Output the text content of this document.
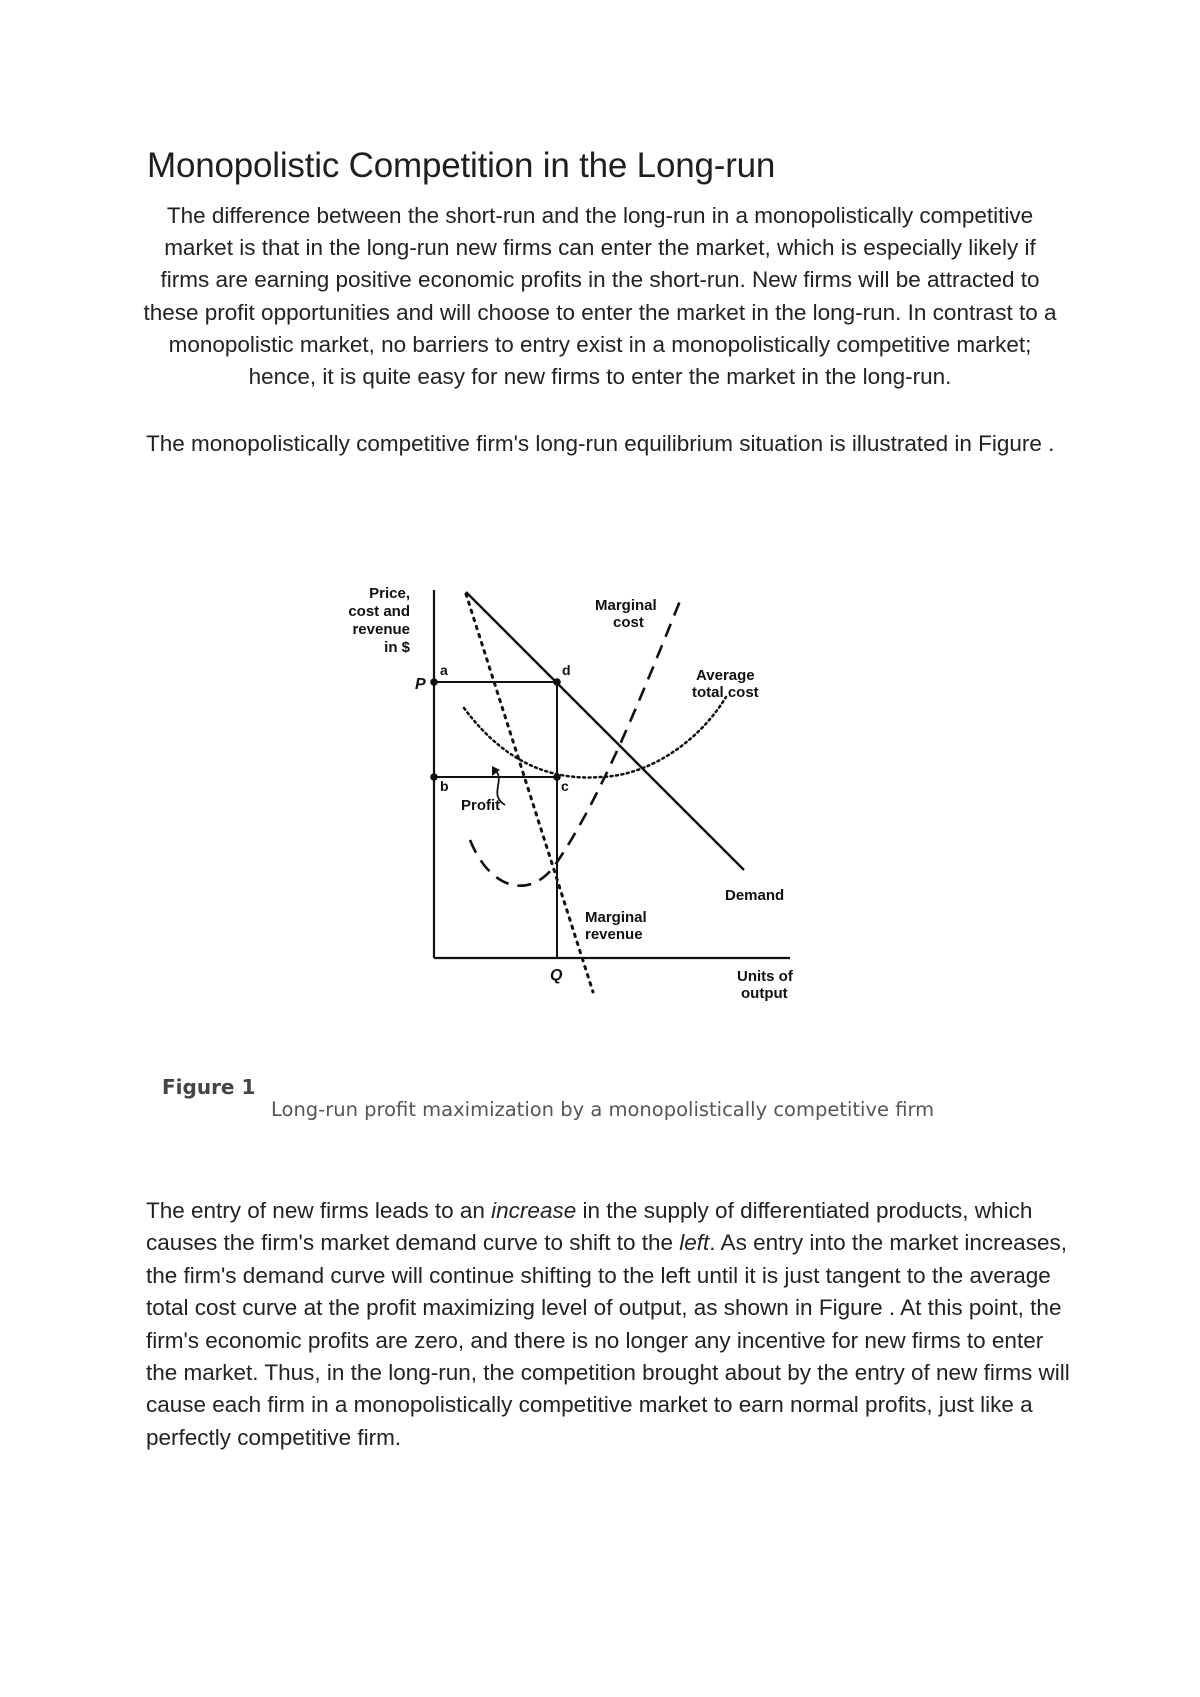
Monopolistic Competition in the Long-run

The difference between the short-run and the long-run in a monopolistically competitive market is that in the long-run new firms can enter the market, which is especially likely if firms are earning positive economic profits in the short-run. New firms will be attracted to these profit opportunities and will choose to enter the market in the long-run. In contrast to a monopolistic market, no barriers to entry exist in a monopolistically competitive market; hence, it is quite easy for new firms to enter the market in the long-run.

The monopolistically competitive firm's long-run equilibrium situation is illustrated in Figure .

Price,
cost and
revenue
in $
P
a	d
b	c
Marginal
cost
Average
total cost
Profit
Demand
Marginal
revenue
Q	Units of
output
Figure 1
Long-run profit maximization by a monopolistically competitive firm

The entry of new firms leads to an increase in the supply of differentiated products, which causes the firm's market demand curve to shift to the left. As entry into the market increases, the firm's demand curve will continue shifting to the left until it is just tangent to the average total cost curve at the profit maximizing level of output, as shown in Figure . At this point, the firm's economic profits are zero, and there is no longer any incentive for new firms to enter the market. Thus, in the long-run, the competition brought about by the entry of new firms will cause each firm in a monopolistically competitive market to earn normal profits, just like a perfectly competitive firm.
